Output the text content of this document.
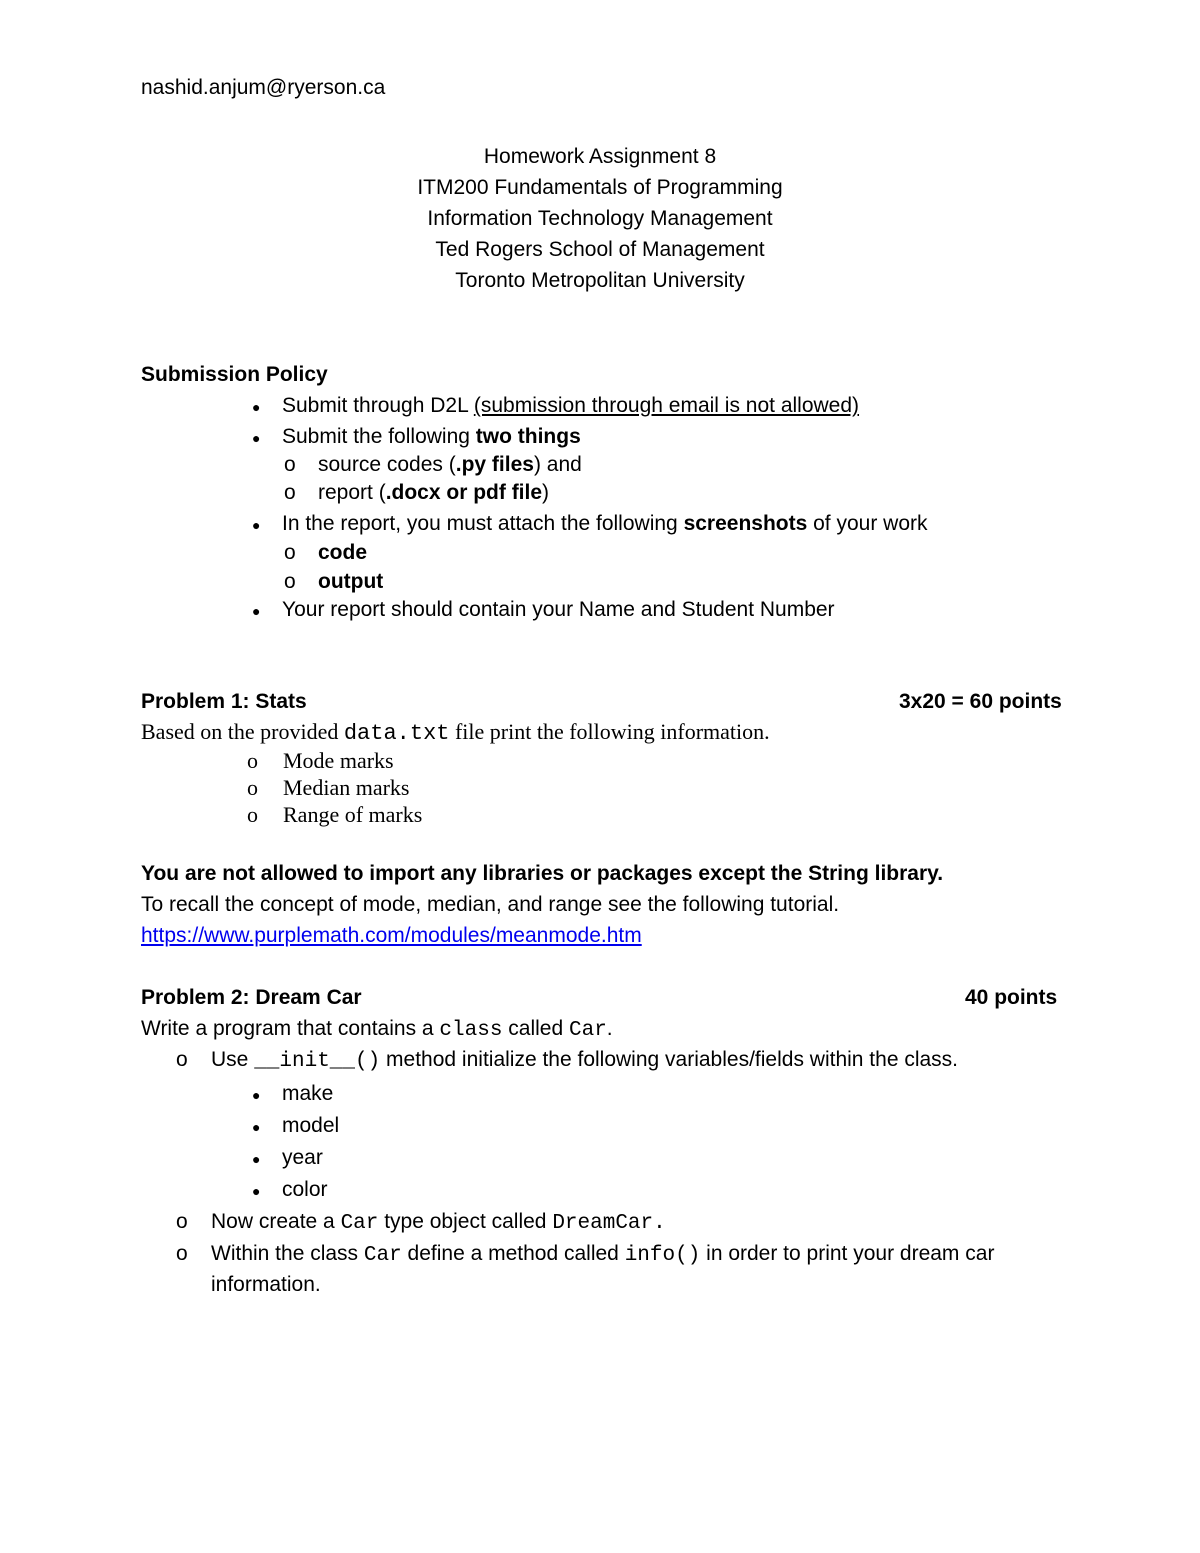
nashid.anjum@ryerson.ca
Homework Assignment 8
ITM200 Fundamentals of Programming
Information Technology Management
Ted Rogers School of Management
Toronto Metropolitan University
Submission Policy
● Submit through D2L (submission through email is not allowed)
● Submit the following two things
o source codes (.py files) and
o report (.docx or pdf file)
● In the report, you must attach the following screenshots of your work
o code
o output
● Your report should contain your Name and Student Number
Problem 1: Stats	3x20 = 60 points
Based on the provided data.txt file print the following information.
o Mode marks
o Median marks
o Range of marks
You are not allowed to import any libraries or packages except the String library.
To recall the concept of mode, median, and range see the following tutorial.
https://www.purplemath.com/modules/meanmode.htm
Problem 2: Dream Car	40 points
Write a program that contains a class called Car.
o Use __init__() method initialize the following variables/fields within the class.
● make
● model
● year
● color
o Now create a Car type object called DreamCar.
o Within the class Car define a method called info() in order to print your dream car
information.
